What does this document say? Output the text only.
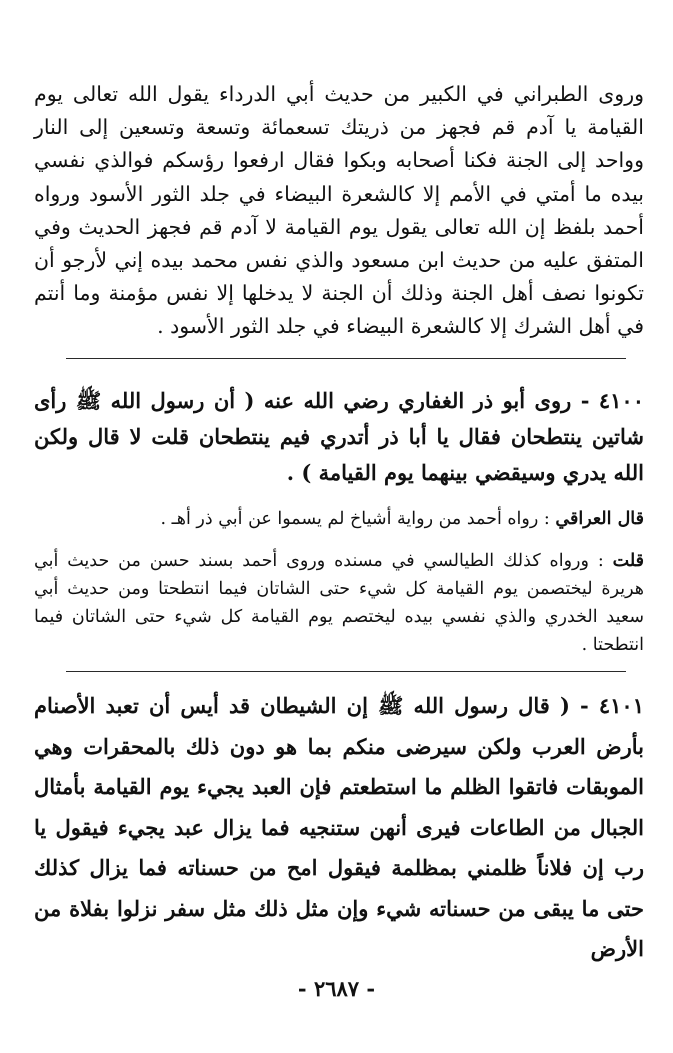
وروى الطبراني في الكبير من حديث أبي الدرداء يقول الله تعالى يوم القيامة يا آدم قم فجهز من ذريتك تسعمائة وتسعة وتسعين إلى النار وواحد إلى الجنة فكنا أصحابه وبكوا فقال ارفعوا رؤسكم فوالذي نفسي بيده ما أمتي في الأمم إلا كالشعرة البيضاء في جلد الثور الأسود ورواه أحمد بلفظ إن الله تعالى يقول يوم القيامة لا آدم قم فجهز الحديث وفي المتفق عليه من حديث ابن مسعود والذي نفس محمد بيده إني لأرجو أن تكونوا نصف أهل الجنة وذلك أن الجنة لا يدخلها إلا نفس مؤمنة وما أنتم في أهل الشرك إلا كالشعرة البيضاء في جلد الثور الأسود .

٤١٠٠ - روى أبو ذر الغفاري رضي الله عنه ( أن رسول الله ﷺ رأى شاتين ينتطحان فقال يا أبا ذر أتدري فيم ينتطحان قلت لا قال ولكن الله يدري وسيقضي بينهما يوم القيامة ) .

قال العراقي : رواه أحمد من رواية أشياخ لم يسموا عن أبي ذر أهـ .

قلت : ورواه كذلك الطيالسي في مسنده وروى أحمد بسند حسن من حديث أبي هريرة ليختصمن يوم القيامة كل شيء حتى الشاتان فيما انتطحتا ومن حديث أبي سعيد الخدري والذي نفسي بيده ليختصم يوم القيامة كل شيء حتى الشاتان فيما انتطحتا .

٤١٠١ - ( قال رسول الله ﷺ إن الشيطان قد أيس أن تعبد الأصنام بأرض العرب ولكن سيرضى منكم بما هو دون ذلك بالمحقرات وهي الموبقات فاتقوا الظلم ما استطعتم فإن العبد يجيء يوم القيامة بأمثال الجبال من الطاعات فيرى أنهن ستنجيه فما يزال عبد يجيء فيقول يا رب إن فلاناً ظلمني بمظلمة فيقول امح من حسناته فما يزال كذلك حتى ما يبقى من حسناته شيء وإن مثل ذلك مثل سفر نزلوا بفلاة من الأرض

- ٢٦٨٧ -
